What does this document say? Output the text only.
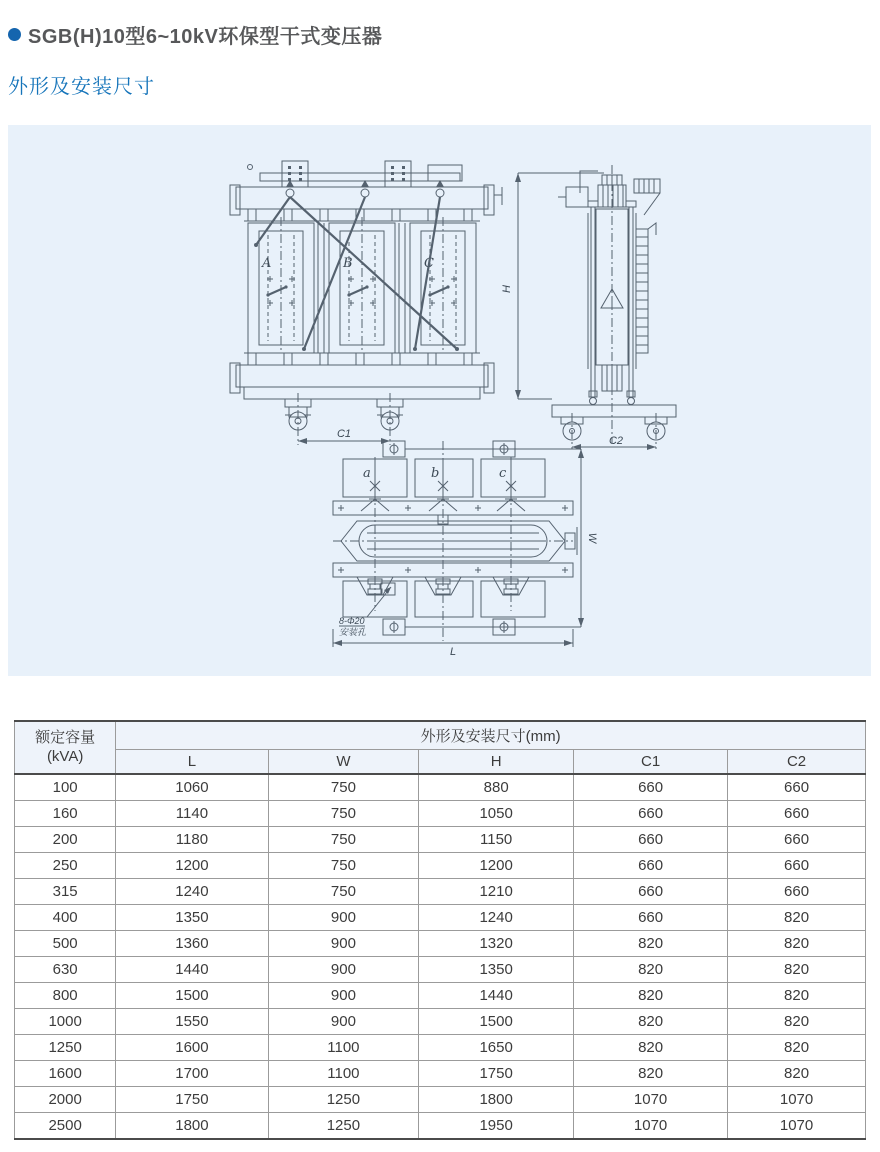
SGB(H)10型6~10kV环保型干式变压器
外形及安装尺寸
A	B	C
C1
H
C2
a	b	c
8-Φ20
安装孔
W
L
额定容量
(kVA)	外形及安装尺寸(mm)				
	L	W	H	C1	C2
100	1060	750	880	660	660
160	1140	750	1050	660	660
200	1180	750	1150	660	660
250	1200	750	1200	660	660
315	1240	750	1210	660	660
400	1350	900	1240	660	820
500	1360	900	1320	820	820
630	1440	900	1350	820	820
800	1500	900	1440	820	820
1000	1550	900	1500	820	820
1250	1600	1100	1650	820	820
1600	1700	1100	1750	820	820
2000	1750	1250	1800	1070	1070
2500	1800	1250	1950	1070	1070
